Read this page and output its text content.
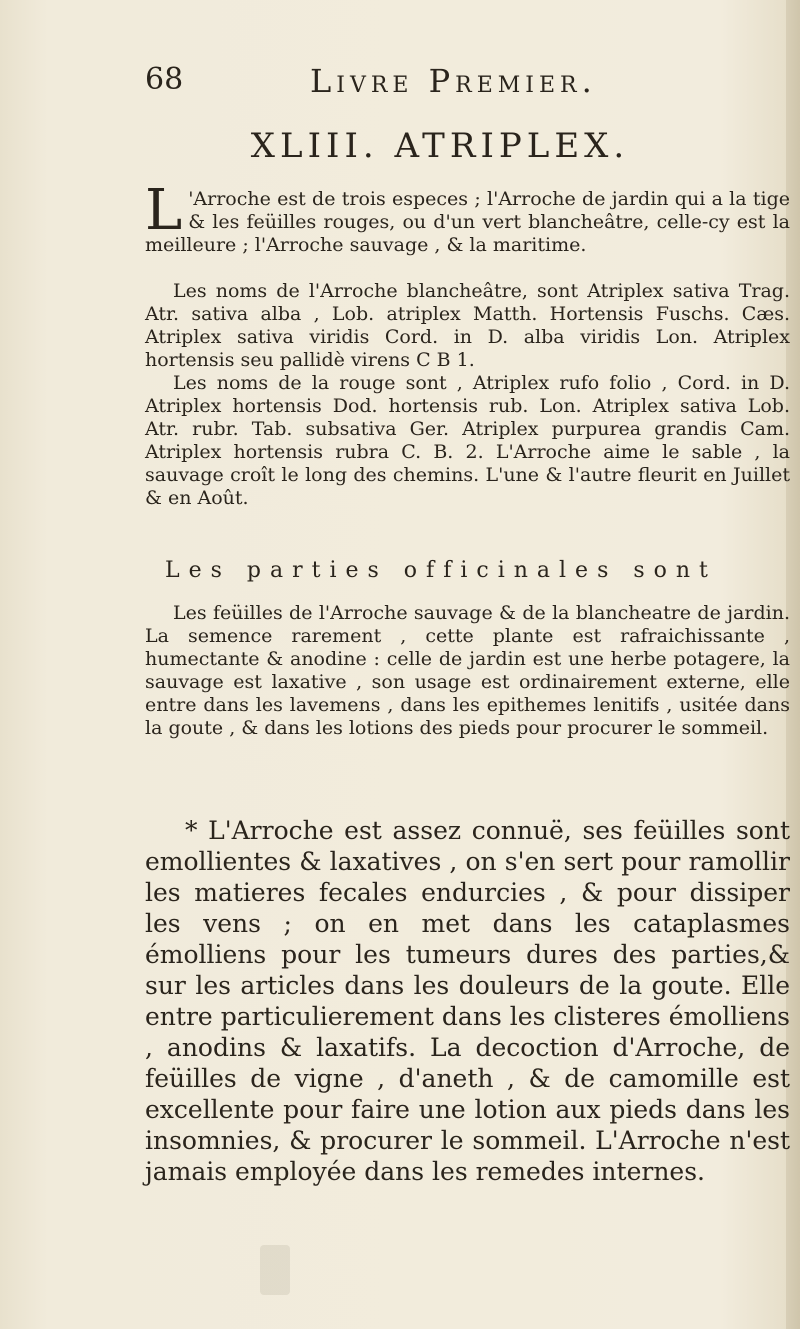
68	Livre Premier.
XLIII. ATRIPLEX.
L 'Arroche est de trois especes ; l'Arroche de jardin qui a la tige & les feüilles rouges, ou d'un vert blancheâtre, celle-cy est la meilleure ; l'Arroche sauvage , & la maritime.
Les noms de l'Arroche blancheâtre, sont Atriplex sativa Trag. Atr. sativa alba , Lob. atriplex Matth. Hortensis Fuschs. Cæs. Atriplex sativa viridis Cord. in D. alba viridis Lon. Atriplex hortensis seu pallidè virens C B 1.
Les noms de la rouge sont , Atriplex rufo folio , Cord. in D. Atriplex hortensis Dod. hortensis rub. Lon. Atriplex sativa Lob. Atr. rubr. Tab. subsativa Ger. Atriplex purpurea grandis Cam. Atriplex hortensis rubra C. B. 2. L'Arroche aime le sable , la sauvage croît le long des chemins. L'une & l'autre fleurit en Juillet & en Août.
Les parties officinales sont
Les feüilles de l'Arroche sauvage & de la blancheatre de jardin. La semence rarement , cette plante est rafraichissante , humectante & anodine : celle de jardin est une herbe potagere, la sauvage est laxative , son usage est ordinairement externe, elle entre dans les lavemens , dans les epithemes lenitifs , usitée dans la goute , & dans les lotions des pieds pour procurer le sommeil.
* L'Arroche est assez connuë, ses feüilles sont emollientes & laxatives , on s'en sert pour ramollir les matieres fecales endurcies , & pour dissiper les vens ; on en met dans les cataplasmes émolliens pour les tumeurs dures des parties,& sur les articles dans les douleurs de la goute. Elle entre particulierement dans les clisteres émolliens , anodins & laxatifs. La decoction d'Arroche, de feüilles de vigne , d'aneth , & de camomille est excellente pour faire une lotion aux pieds dans les insomnies, & procurer le sommeil. L'Arroche n'est jamais employée dans les remedes internes.
